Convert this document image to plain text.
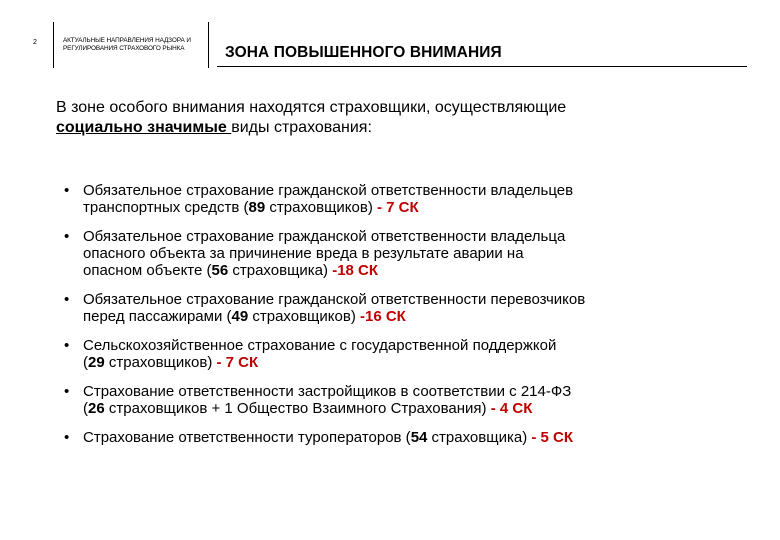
2	АКТУАЛЬНЫЕ НАПРАВЛЕНИЯ НАДЗОРА И
РЕГУЛИРОВАНИЯ СТРАХОВОГО РЫНКА	ЗОНА ПОВЫШЕННОГО ВНИМАНИЯ
В зоне особого внимания находятся страховщики, осуществляющие
социально значимые виды страхования:
• Обязательное страхование гражданской ответственности владельцев
транспортных средств (89 страховщиков) - 7 СК
• Обязательное страхование гражданской ответственности владельца
опасного объекта за причинение вреда в результате аварии на
опасном объекте (56 страховщика) -18 СК
• Обязательное страхование гражданской ответственности перевозчиков
перед пассажирами (49 страховщиков) -16 СК
• Сельскохозяйственное страхование с государственной поддержкой
(29 страховщиков) - 7 СК
• Страхование ответственности застройщиков в соответствии с 214-ФЗ
(26 страховщиков + 1 Общество Взаимного Страхования) - 4 СК
• Страхование ответственности туроператоров (54 страховщика) - 5 СК
